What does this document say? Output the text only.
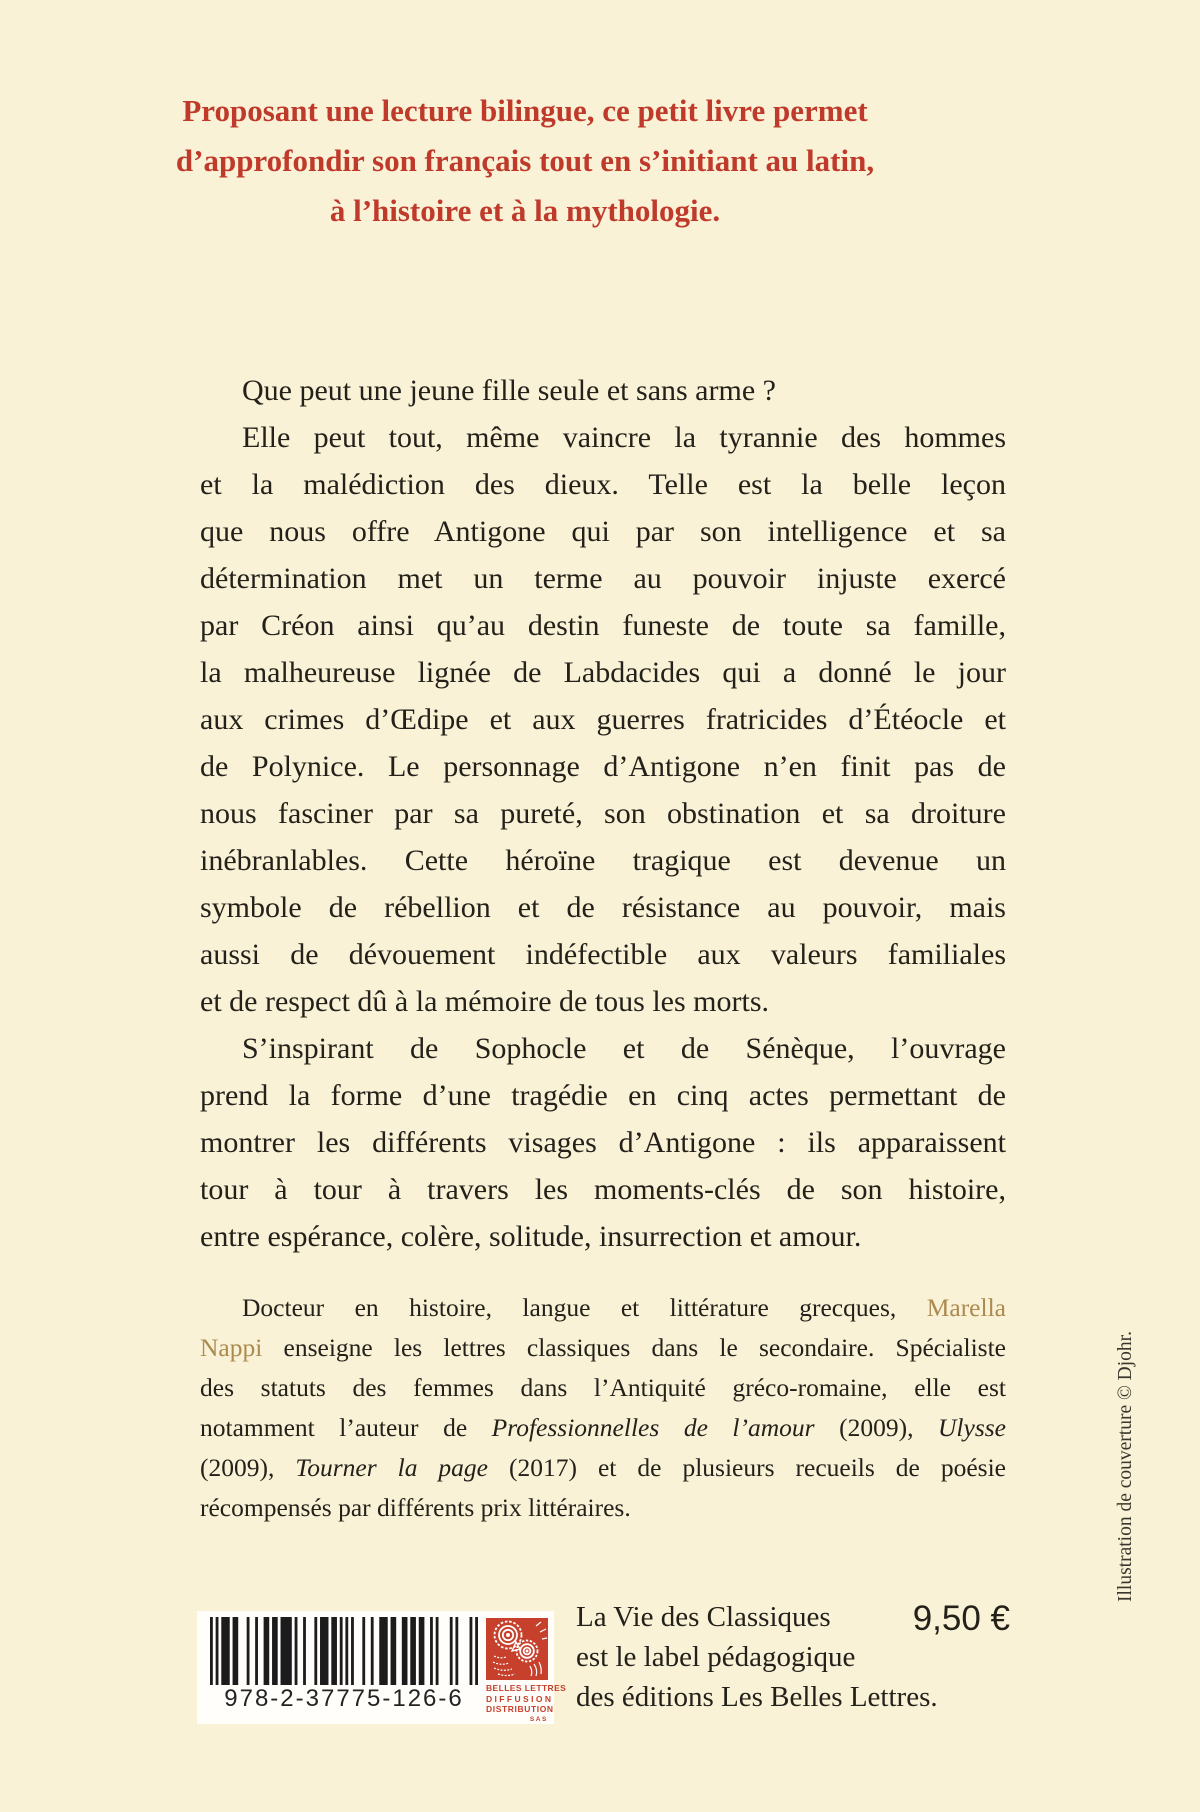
Proposant une lecture bilingue, ce petit livre permet
d’approfondir son français tout en s’initiant au latin,
à l’histoire et à la mythologie.
Que peut une jeune fille seule et sans arme ?
Elle peut tout, même vaincre la tyrannie des hommes
et la malédiction des dieux. Telle est la belle leçon
que nous offre Antigone qui par son intelligence et sa
détermination met un terme au pouvoir injuste exercé
par Créon ainsi qu’au destin funeste de toute sa famille,
la malheureuse lignée de Labdacides qui a donné le jour
aux crimes d’Œdipe et aux guerres fratricides d’Étéocle et
de Polynice. Le personnage d’Antigone n’en finit pas de
nous fasciner par sa pureté, son obstination et sa droiture
inébranlables. Cette héroïne tragique est devenue un
symbole de rébellion et de résistance au pouvoir, mais
aussi de dévouement indéfectible aux valeurs familiales
et de respect dû à la mémoire de tous les morts.
S’inspirant de Sophocle et de Sénèque, l’ouvrage
prend la forme d’une tragédie en cinq actes permettant de
montrer les différents visages d’Antigone : ils apparaissent
tour à tour à travers les moments-clés de son histoire,
entre espérance, colère, solitude, insurrection et amour.
Docteur en histoire, langue et littérature grecques, Marella
Nappi enseigne les lettres classiques dans le secondaire. Spécialiste
des statuts des femmes dans l’Antiquité gréco-romaine, elle est
notamment l’auteur de Professionnelles de l’amour (2009), Ulysse
(2009), Tourner la page (2017) et de plusieurs recueils de poésie
récompensés par différents prix littéraires.	Illustration de couverture © Djohr.
978-2-37775-126-6	BELLES LETTRES
DIFFUSION
DISTRIBUTION
SAS
La Vie des Classiques
est le label pédagogique
des éditions Les Belles Lettres.
9,50 €
